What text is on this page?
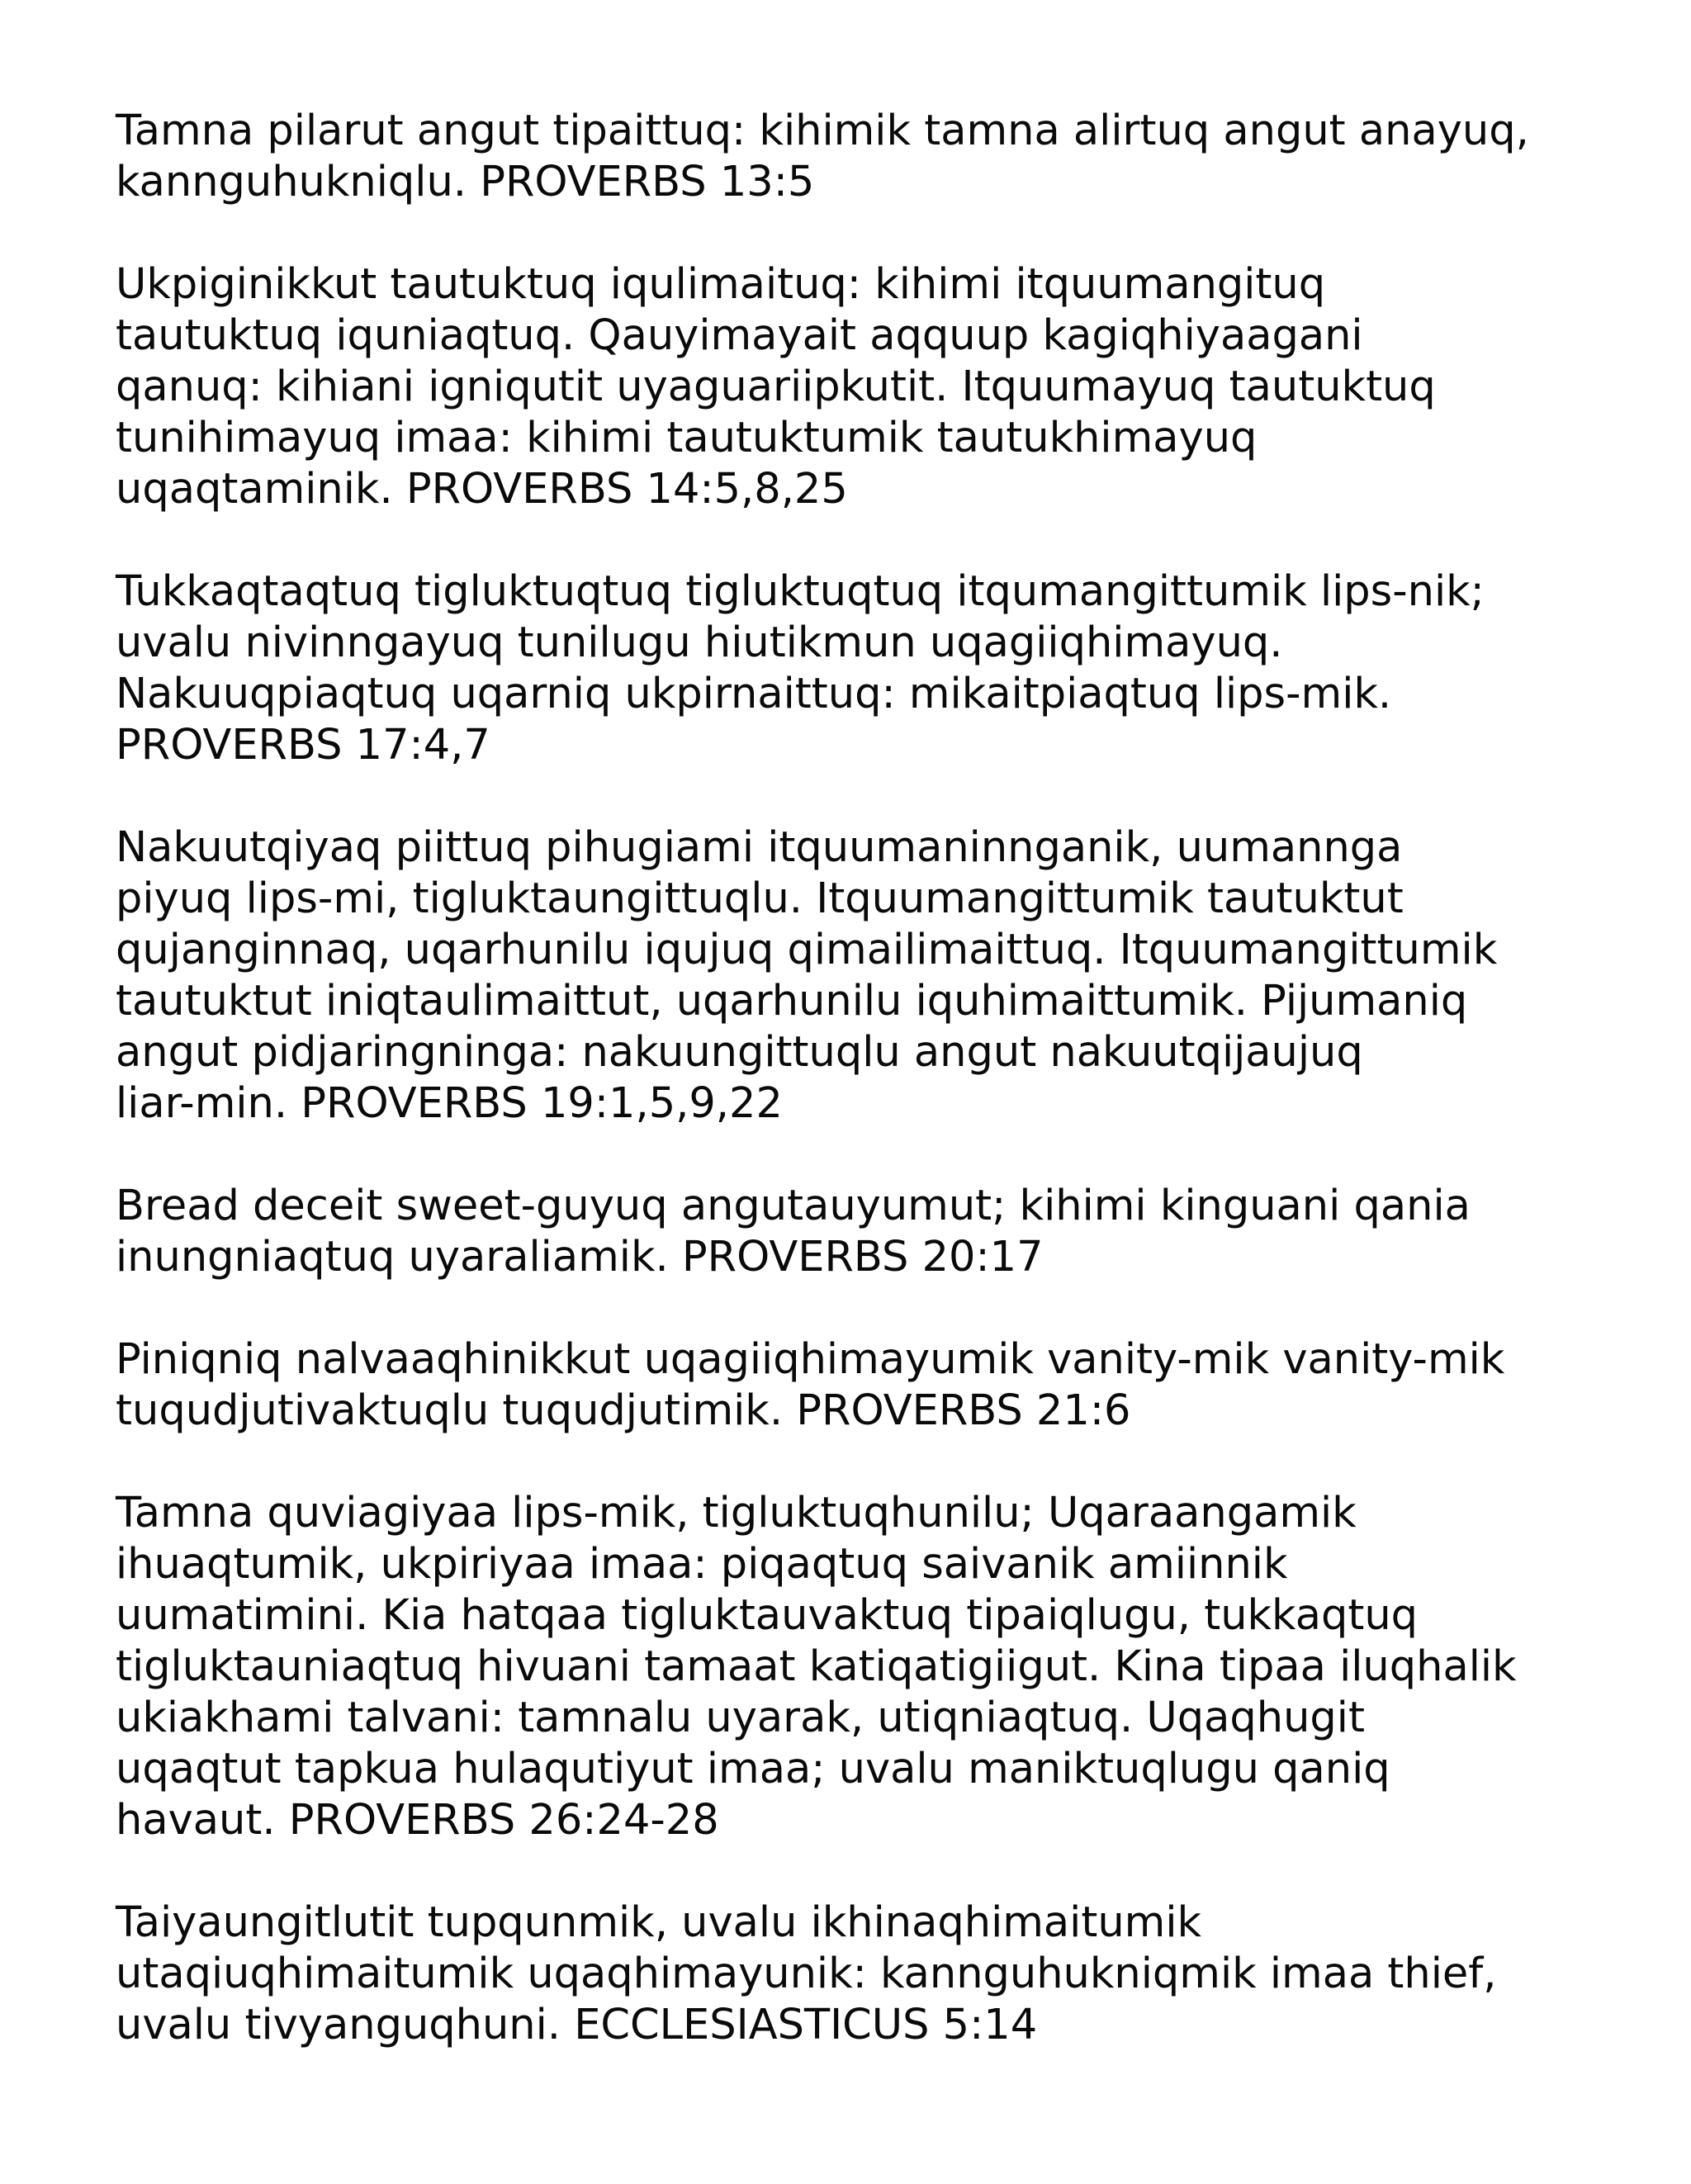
Tamna pilarut angut tipaittuq: kihimik tamna alirtuq angut anayuq,
kannguhukniqlu. PROVERBS 13:5
Ukpiginikkut tautuktuq iqulimaituq: kihimi itquumangituq
tautuktuq iquniaqtuq. Qauyimayait aqquup kagiqhiyaagani
qanuq: kihiani igniqutit uyaguariipkutit. Itquumayuq tautuktuq
tunihimayuq imaa: kihimi tautuktumik tautukhimayuq
uqaqtaminik. PROVERBS 14:5,8,25
Tukkaqtaqtuq tigluktuqtuq tigluktuqtuq itqumangittumik lips-nik;
uvalu nivinngayuq tunilugu hiutikmun uqagiiqhimayuq.
Nakuuqpiaqtuq uqarniq ukpirnaittuq: mikaitpiaqtuq lips-mik.
PROVERBS 17:4,7
Nakuutqiyaq piittuq pihugiami itquumaninnganik, uumannga
piyuq lips-mi, tigluktaungittuqlu. Itquumangittumik tautuktut
qujanginnaq, uqarhunilu iqujuq qimailimaittuq. Itquumangittumik
tautuktut iniqtaulimaittut, uqarhunilu iquhimaittumik. Pijumaniq
angut pidjaringninga: nakuungittuqlu angut nakuutqijaujuq
liar-min. PROVERBS 19:1,5,9,22
Bread deceit sweet-guyuq angutauyumut; kihimi kinguani qania
inungniaqtuq uyaraliamik. PROVERBS 20:17
Piniqniq nalvaaqhinikkut uqagiiqhimayumik vanity-mik vanity-mik
tuqudjutivaktuqlu tuqudjutimik. PROVERBS 21:6
Tamna quviagiyaa lips-mik, tigluktuqhunilu; Uqaraangamik
ihuaqtumik, ukpiriyaa imaa: piqaqtuq saivanik amiinnik
uumatimini. Kia hatqaa tigluktauvaktuq tipaiqlugu, tukkaqtuq
tigluktauniaqtuq hivuani tamaat katiqatigiigut. Kina tipaa iluqhalik
ukiakhami talvani: tamnalu uyarak, utiqniaqtuq. Uqaqhugit
uqaqtut tapkua hulaqutiyut imaa; uvalu maniktuqlugu qaniq
havaut. PROVERBS 26:24-28
Taiyaungitlutit tupqunmik, uvalu ikhinaqhimaitumik
utaqiuqhimaitumik uqaqhimayunik: kannguhukniqmik imaa thief,
uvalu tivyanguqhuni. ECCLESIASTICUS 5:14
